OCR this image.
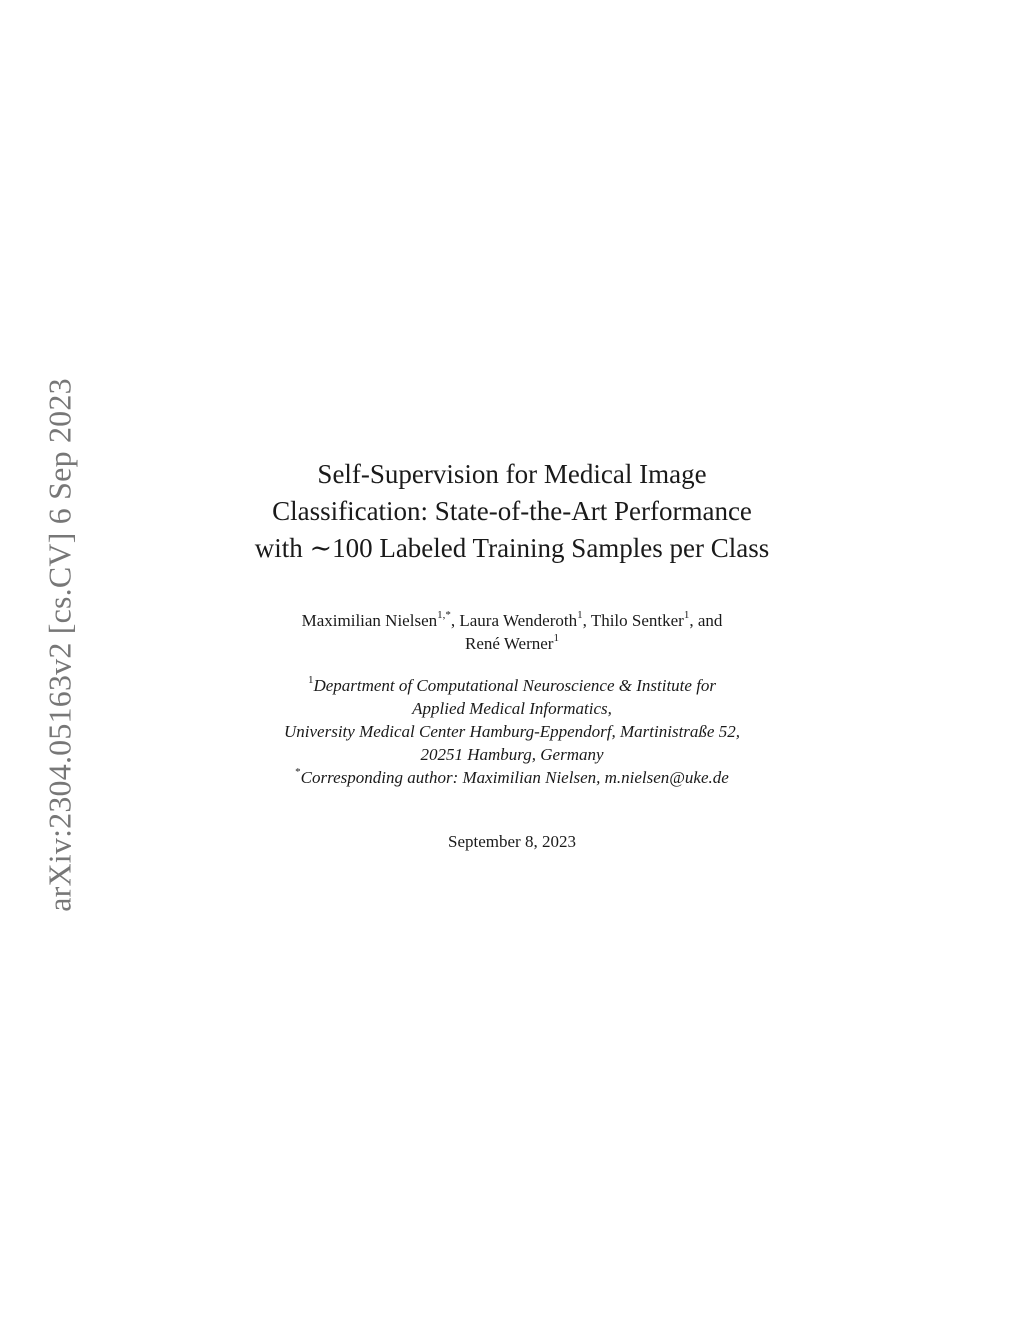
arXiv:2304.05163v2 [cs.CV] 6 Sep 2023	Self-Supervision for Medical Image

Classification: State-of-the-Art Performance

with ∼100 Labeled Training Samples per Class

Maximilian Nielsen$^{1,*}$, Laura Wenderoth$^1$, Thilo Sentker$^1$, and
René Werner$^1$
$^1$Department of Computational Neuroscience & Institute for
Applied Medical Informatics,
University Medical Center Hamburg-Eppendorf, Martinistraße 52,
20251 Hamburg, Germany
*Corresponding author: Maximilian Nielsen, m.nielsen@uke.de
September 8, 2023
